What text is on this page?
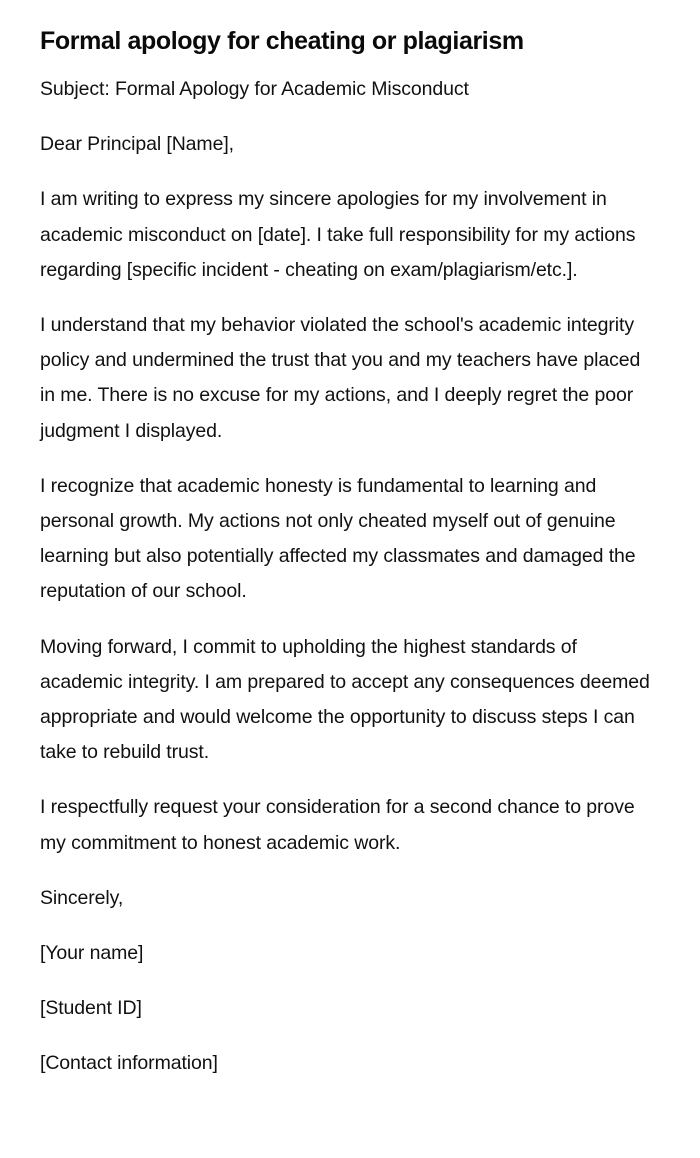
Formal apology for cheating or plagiarism

Subject: Formal Apology for Academic Misconduct

Dear Principal [Name],

I am writing to express my sincere apologies for my involvement in academic misconduct on [date]. I take full responsibility for my actions regarding [specific incident - cheating on exam/plagiarism/etc.].

I understand that my behavior violated the school's academic integrity policy and undermined the trust that you and my teachers have placed in me. There is no excuse for my actions, and I deeply regret the poor judgment I displayed.

I recognize that academic honesty is fundamental to learning and personal growth. My actions not only cheated myself out of genuine learning but also potentially affected my classmates and damaged the reputation of our school.

Moving forward, I commit to upholding the highest standards of academic integrity. I am prepared to accept any consequences deemed appropriate and would welcome the opportunity to discuss steps I can take to rebuild trust.

I respectfully request your consideration for a second chance to prove my commitment to honest academic work.

Sincerely,

[Your name]

[Student ID]

[Contact information]
